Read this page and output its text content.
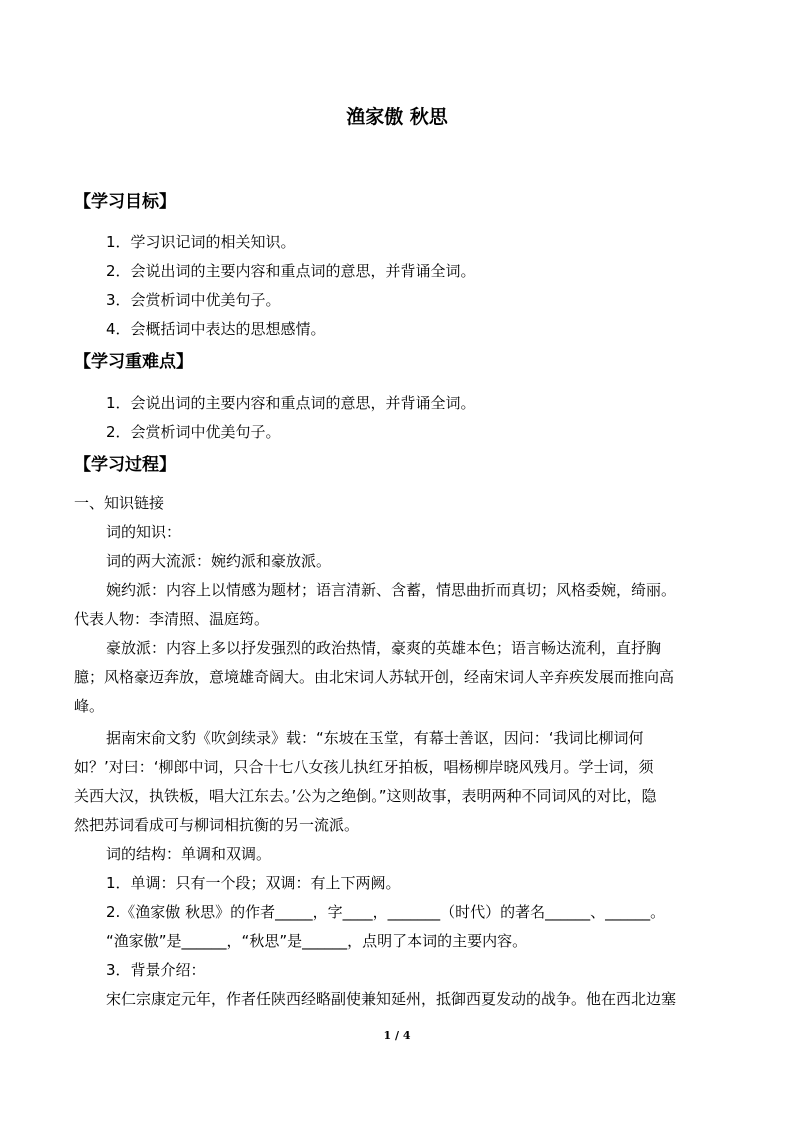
渔家傲 秋思
【学习目标】
1．学习识记词的相关知识。
2．会说出词的主要内容和重点词的意思，并背诵全词。
3．会赏析词中优美句子。
4．会概括词中表达的思想感情。
【学习重难点】
1．会说出词的主要内容和重点词的意思，并背诵全词。
2．会赏析词中优美句子。
【学习过程】
一、知识链接
词的知识：
词的两大流派：婉约派和豪放派。
婉约派：内容上以情感为题材；语言清新、含蓄，情思曲折而真切；风格委婉，绮丽。
代表人物：李清照、温庭筠。
豪放派：内容上多以抒发强烈的政治热情，豪爽的英雄本色；语言畅达流利，直抒胸
臆；风格豪迈奔放，意境雄奇阔大。由北宋词人苏轼开创，经南宋词人辛弃疾发展而推向高
峰。
据南宋俞文豹《吹剑续录》载：“东坡在玉堂，有幕士善讴，因问：‘我词比柳词何
如？’对曰：‘柳郎中词，只合十七八女孩儿执红牙拍板，唱杨柳岸晓风残月。学士词，须
关西大汉，执铁板，唱大江东去。’公为之绝倒。”这则故事，表明两种不同词风的对比，隐
然把苏词看成可与柳词相抗衡的另一流派。
词的结构：单调和双调。
1．单调：只有一个段；双调：有上下两阙。
2.《渔家傲 秋思》的作者_____，字____，_______（时代）的著名______、______。
“渔家傲”是______，“秋思”是______，点明了本词的主要内容。
3．背景介绍：
宋仁宗康定元年，作者任陕西经略副使兼知延州，抵御西夏发动的战争。他在西北边塞
1 / 4
